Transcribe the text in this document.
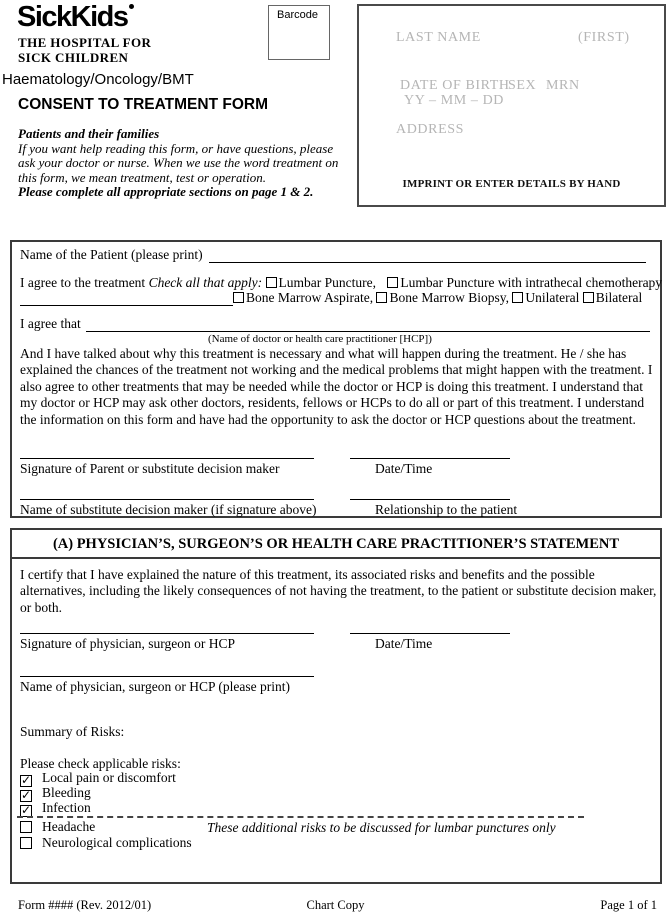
SickKids
THE HOSPITAL FOR
SICK CHILDREN
Haematology/Oncology/BMT
CONSENT TO TREATMENT FORM
Patients and their families
If you want help reading this form, or have questions, please ask your doctor or nurse. When we use the word treatment on this form, we mean treatment, test or operation.
Please complete all appropriate sections on page 1 & 2.
Barcode
LAST NAME	(FIRST)
DATE OF BIRTH
SEX MRN
YY – MM – DD
ADDRESS
IMPRINT OR ENTER DETAILS BY HAND
Name of the Patient (please print)
I agree to the treatment Check all that apply: Lumbar Puncture, Lumbar Puncture with intrathecal chemotherapy
Bone Marrow Aspirate, Bone Marrow Biopsy, Unilateral Bilateral
I agree that
(Name of doctor or health care practitioner [HCP])
And I have talked about why this treatment is necessary and what will happen during the treatment. He / she has explained the chances of the treatment not working and the medical problems that might happen with the treatment. I also agree to other treatments that may be needed while the doctor or HCP is doing this treatment. I understand that my doctor or HCP may ask other doctors, residents, fellows or HCPs to do all or part of this treatment. I understand the information on this form and have had the opportunity to ask the doctor or HCP questions about the treatment.
Signature of Parent or substitute decision maker	Date/Time
Name of substitute decision maker (if signature above)	Relationship to the patient
(A) PHYSICIAN’S, SURGEON’S OR HEALTH CARE PRACTITIONER’S STATEMENT
I certify that I have explained the nature of this treatment, its associated risks and benefits and the possible alternatives, including the likely consequences of not having the treatment, to the patient or substitute decision maker, or both.
Signature of physician, surgeon or HCP	Date/Time
Name of physician, surgeon or HCP (please print)
Summary of Risks:
Please check applicable risks:
✓ Local pain or discomfort
✓ Bleeding
✓ Infection
Headache	These additional risks to be discussed for lumbar punctures only
Neurological complications
Form #### (Rev. 2012/01)	Chart Copy	Page 1 of 1
